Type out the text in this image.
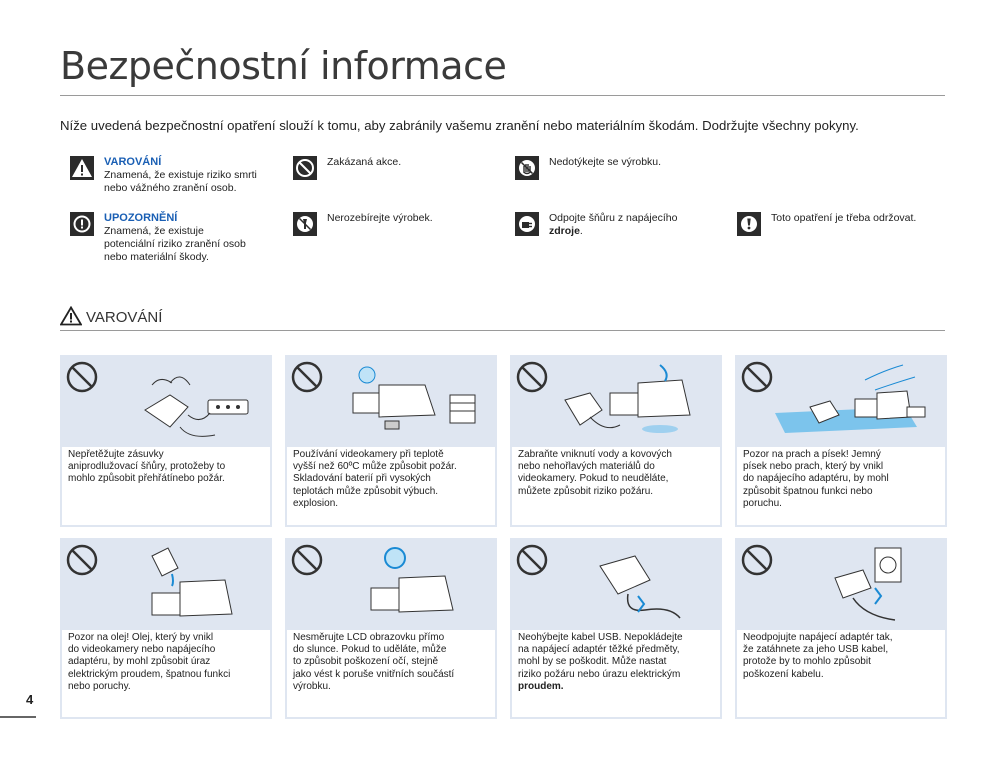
Bezpečnostní informace
Níže uvedená bezpečnostní opatření slouží k tomu, aby zabránily vašemu zranění nebo materiálním škodám. Dodržujte všechny pokyny.
VAROVÁNÍ
Znamená, že existuje riziko smrti
nebo vážného zranění osob.
Zakázaná akce.	Nedotýkejte se výrobku.
UPOZORNĚNÍ
Znamená, že existuje
potenciální riziko zranění osob
nebo materiální škody.
Nerozebírejte výrobek.	Odpojte šňůru z napájecího
zdroje.
Toto opatření je třeba održovat.
VAROVÁNÍ
Nepřetěžujte zásuvky
aniprodlužovací šňůry, protožeby to
mohlo způsobit přehřátínebo požár.
Používání videokamery při teplotě
vyšší než 60ºC může způsobit požár.
Skladování baterií při vysokých
teplotách může způsobit výbuch.
explosion.
Zabraňte vniknutí vody a kovových
nebo nehořlavých materiálů do
videokamery. Pokud to neuděláte,
můžete způsobit riziko požáru.
Pozor na prach a písek! Jemný
písek nebo prach, který by vnikl
do napájecího adaptéru, by mohl
způsobit špatnou funkci nebo
poruchu.
Pozor na olej! Olej, který by vnikl
do videokamery nebo napájecího
adaptéru, by mohl způsobit úraz
elektrickým proudem, špatnou funkci
nebo poruchy.
Nesměrujte LCD obrazovku přímo
do slunce. Pokud to uděláte, může
to způsobit poškození očí, stejně
jako vést k poruše vnitřních součástí
výrobku.
Neohýbejte kabel USB. Nepokládejte
na napájecí adaptér těžké předměty,
mohl by se poškodit. Může nastat
riziko požáru nebo úrazu elektrickým
proudem.
Neodpojujte napájecí adaptér tak,
že zatáhnete za jeho USB kabel,
protože by to mohlo způsobit
poškození kabelu.
4
